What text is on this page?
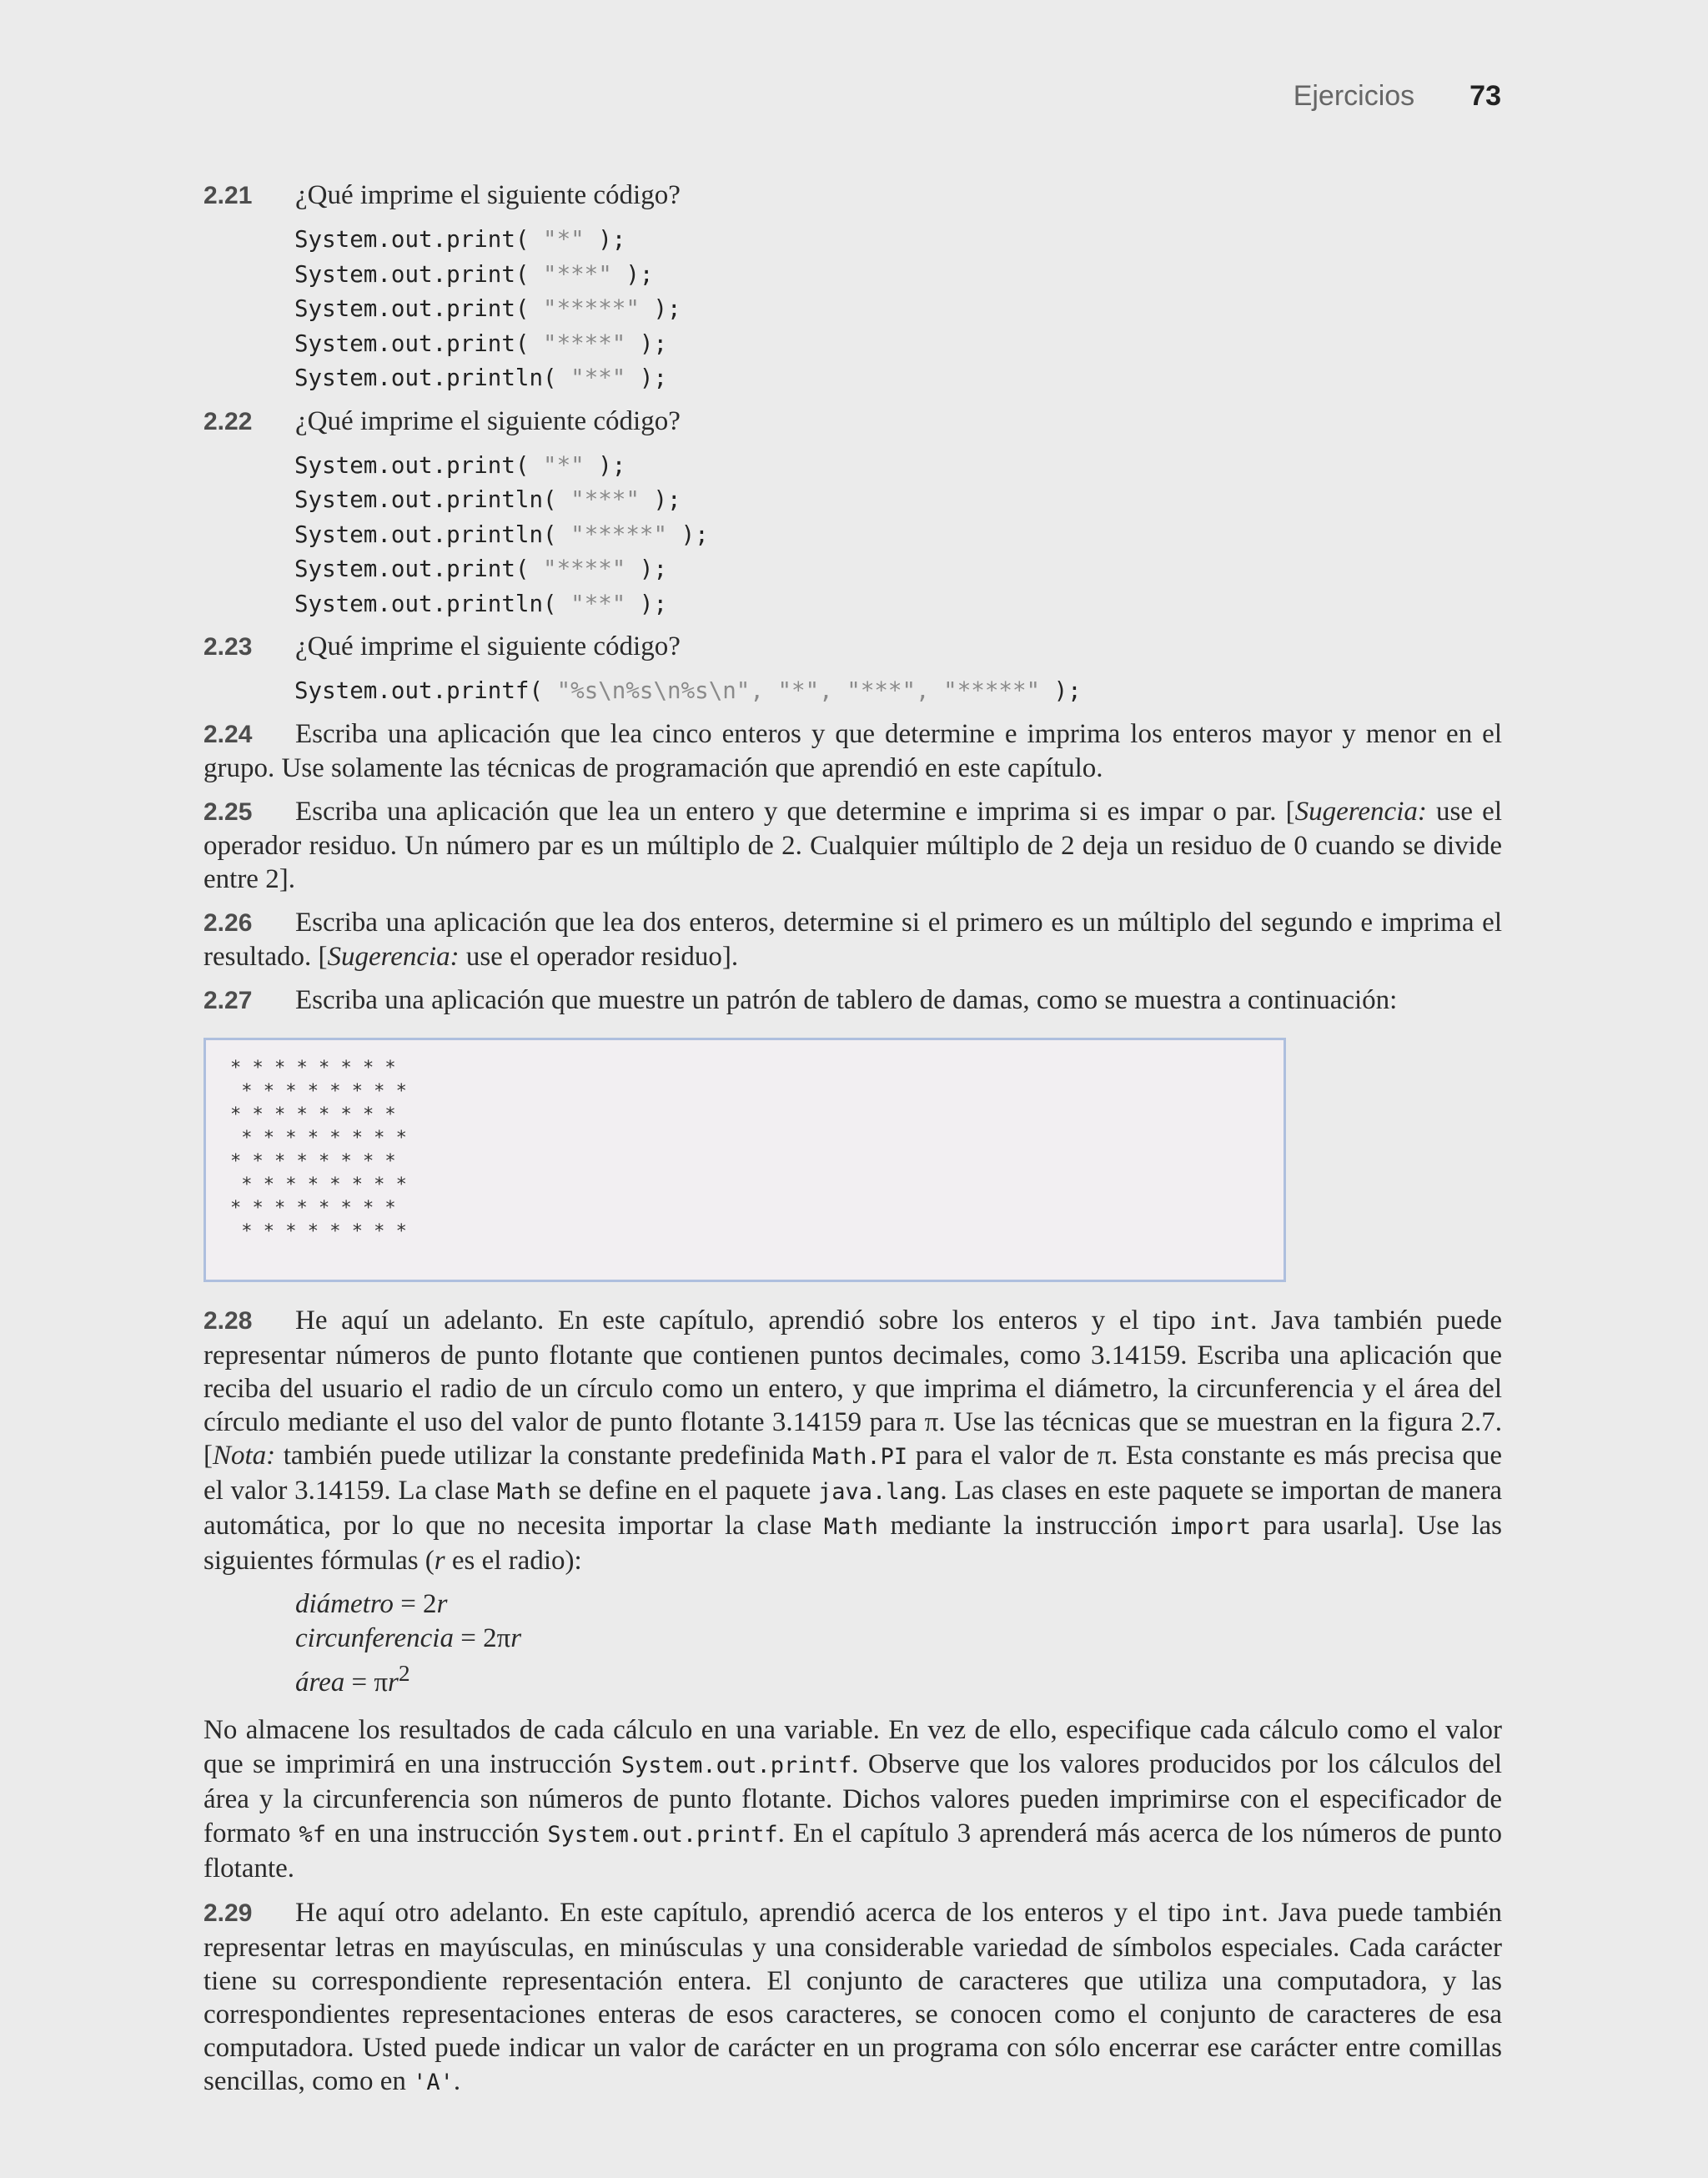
Ejercicios 73
2.21 ¿Qué imprime el siguiente código?
System.out.print( "*" );
System.out.print( "***" );
System.out.print( "*****" );
System.out.print( "****" );
System.out.println( "**" );
2.22 ¿Qué imprime el siguiente código?
System.out.print( "*" );
System.out.println( "***" );
System.out.println( "*****" );
System.out.print( "****" );
System.out.println( "**" );
2.23 ¿Qué imprime el siguiente código?
System.out.printf( "%s\n%s\n%s\n", "*", "***", "*****" );
2.24 Escriba una aplicación que lea cinco enteros y que determine e imprima los enteros mayor y menor en el grupo. Use solamente las técnicas de programación que aprendió en este capítulo.
2.25 Escriba una aplicación que lea un entero y que determine e imprima si es impar o par. [Sugerencia: use el operador residuo. Un número par es un múltiplo de 2. Cualquier múltiplo de 2 deja un residuo de 0 cuando se divide entre 2].
2.26 Escriba una aplicación que lea dos enteros, determine si el primero es un múltiplo del segundo e imprima el resultado. [Sugerencia: use el operador residuo].
2.27 Escriba una aplicación que muestre un patrón de tablero de damas, como se muestra a continuación:
* * * * * * * *
* * * * * * * *
* * * * * * * *
* * * * * * * *
* * * * * * * *
* * * * * * * *
* * * * * * * *
* * * * * * * *
2.28 He aquí un adelanto. En este capítulo, aprendió sobre los enteros y el tipo int. Java también puede representar números de punto flotante que contienen puntos decimales, como 3.14159. Escriba una aplicación que reciba del usuario el radio de un círculo como un entero, y que imprima el diámetro, la circunferencia y el área del círculo mediante el uso del valor de punto flotante 3.14159 para π. Use las técnicas que se muestran en la figura 2.7. [Nota: también puede utilizar la constante predefinida Math.PI para el valor de π. Esta constante es más precisa que el valor 3.14159. La clase Math se define en el paquete java.lang. Las clases en este paquete se importan de manera automática, por lo que no necesita importar la clase Math mediante la instrucción import para usarla]. Use las siguientes fórmulas (r es el radio):
diámetro = 2r
circunferencia = 2πr
área = $\pi r^2$
No almacene los resultados de cada cálculo en una variable. En vez de ello, especifique cada cálculo como el valor que se imprimirá en una instrucción System.out.printf. Observe que los valores producidos por los cálculos del área y la circunferencia son números de punto flotante. Dichos valores pueden imprimirse con el especificador de formato %f en una instrucción System.out.printf. En el capítulo 3 aprenderá más acerca de los números de punto flotante.
2.29 He aquí otro adelanto. En este capítulo, aprendió acerca de los enteros y el tipo int. Java puede también representar letras en mayúsculas, en minúsculas y una considerable variedad de símbolos especiales. Cada carácter tiene su correspondiente representación entera. El conjunto de caracteres que utiliza una computadora, y las correspondientes representaciones enteras de esos caracteres, se conocen como el conjunto de caracteres de esa computadora. Usted puede indicar un valor de carácter en un programa con sólo encerrar ese carácter entre comillas sencillas, como en 'A'.
